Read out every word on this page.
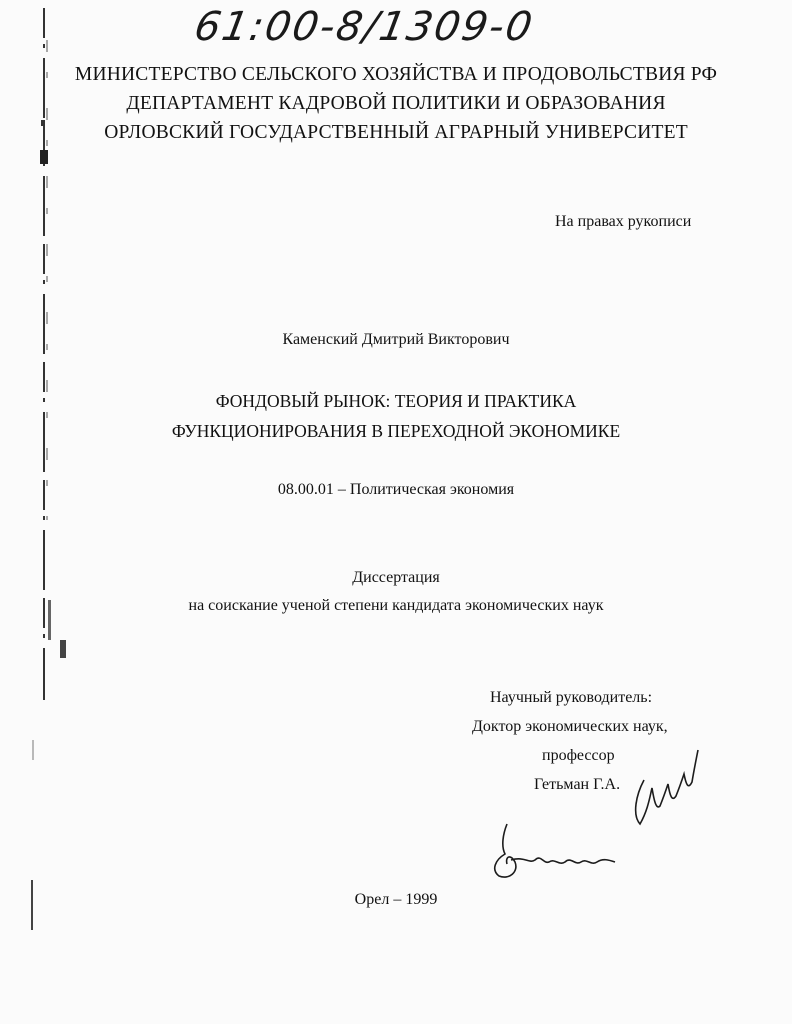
61:00-8/1309-0
МИНИСТЕРСТВО СЕЛЬСКОГО ХОЗЯЙСТВА И ПРОДОВОЛЬСТВИЯ РФ
ДЕПАРТАМЕНТ КАДРОВОЙ ПОЛИТИКИ И ОБРАЗОВАНИЯ
ОРЛОВСКИЙ ГОСУДАРСТВЕННЫЙ АГРАРНЫЙ УНИВЕРСИТЕТ
На правах рукописи
Каменский Дмитрий Викторович
ФОНДОВЫЙ РЫНОК: ТЕОРИЯ И ПРАКТИКА
ФУНКЦИОНИРОВАНИЯ В ПЕРЕХОДНОЙ ЭКОНОМИКЕ
08.00.01 – Политическая экономия
Диссертация
на соискание ученой степени кандидата экономических наук
Научный руководитель:
Доктор экономических наук,
профессор
Гетьман Г.А.
Орел – 1999
